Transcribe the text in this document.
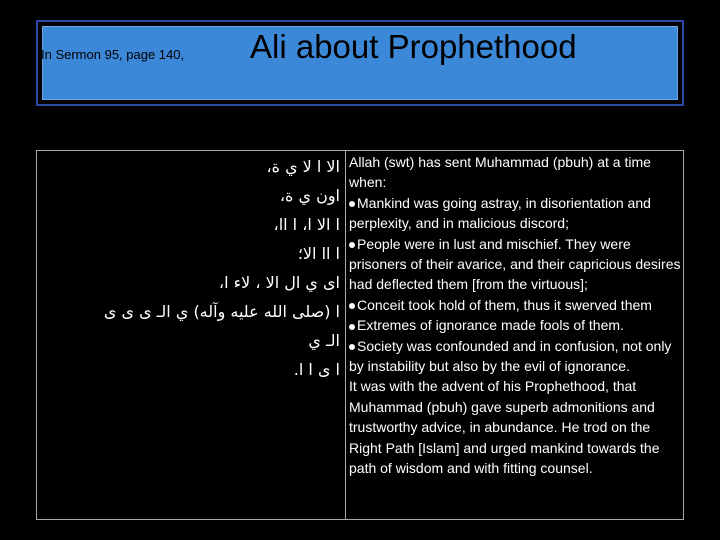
In Sermon 95, page 140, Ali about Prophethood
الا ا لا ي ة،
اون ي ة،
ا الا ا، ا اا،
ا اا الا؛
اى ي ال الا ، لاء ا،
ا (صلى الله عليه وآله) ي الـ ى ى ى
الـ ي
ا ى ا ا.

Allah (swt) has sent Muhammad (pbuh) at a time when:

Mankind was going astray, in disorientation and perplexity, and in malicious discord;

People were in lust and mischief. They were prisoners of their avarice, and their capricious desires had deflected them [from the virtuous];

Conceit took hold of them, thus it swerved them

Extremes of ignorance made fools of them.

Society was confounded and in confusion, not only by instability but also by the evil of ignorance.

It was with the advent of his Prophethood, that Muhammad (pbuh) gave superb admonitions and trustworthy advice, in abundance. He trod on the Right Path [Islam] and urged mankind towards the path of wisdom and with fitting counsel.
